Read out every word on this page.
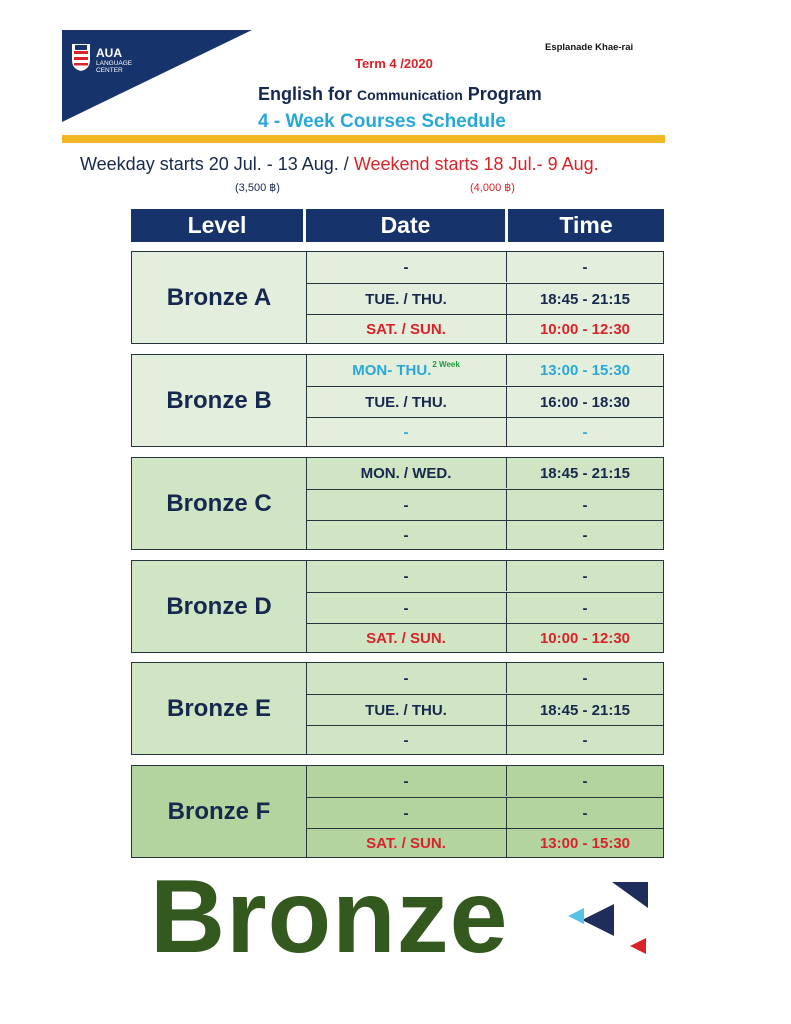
AUA
LANGUAGE CENTER
Esplanade Khae-rai
Term 4 /2020
English for Communication Program
4 - Week Courses Schedule
Weekday starts 20 Jul. - 13 Aug. / Weekend starts 18 Jul.- 9 Aug.
(3,500 ฿)	(4,000 ฿)
Level	Date	Time
Bronze A
-	-
TUE. / THU.	18:45 - 21:15
SAT. / SUN.	10:00 - 12:30
Bronze B
MON- THU. 2 Week	13:00 - 15:30
TUE. / THU.	16:00 - 18:30
-	-
Bronze C
MON. / WED.	18:45 - 21:15
-	-
-	-
Bronze D
-	-
-	-
SAT. / SUN.	10:00 - 12:30
Bronze E
-	-
TUE. / THU.	18:45 - 21:15
-	-
Bronze F
-	-
-	-
SAT. / SUN.	13:00 - 15:30
Bronze
